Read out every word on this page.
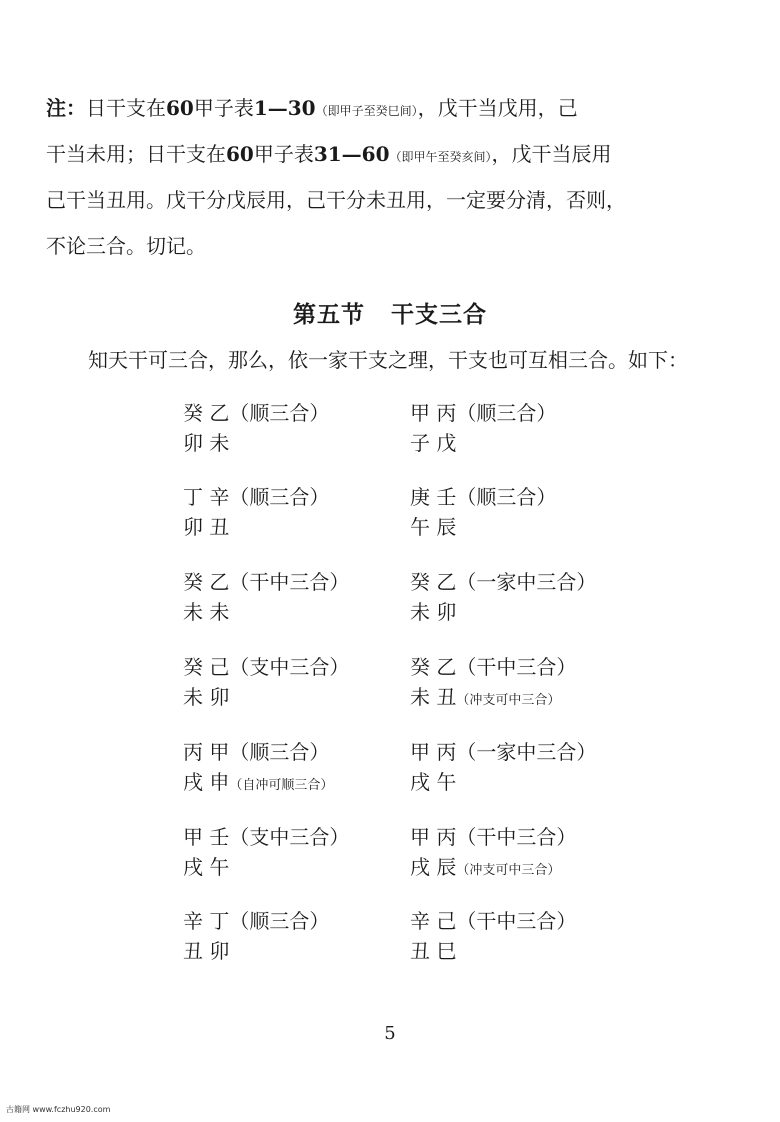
注：日干支在60甲子表1—30（即甲子至癸巳间），戊干当戊用，己
干当未用；日干支在60甲子表31—60（即甲午至癸亥间），戊干当辰用
己干当丑用。戊干分戊辰用，己干分未丑用，一定要分清，否则，
不论三合。切记。
第五节 干支三合
知天干可三合，那么，依一家干支之理，干支也可互相三合。如下：
癸 乙（顺三合）
卯 未
甲 丙（顺三合）
子 戊
丁 辛（顺三合）
卯 丑
庚 壬（顺三合）
午 辰
癸 乙（干中三合）
未 未
癸 乙（一家中三合）
未 卯
癸 己（支中三合）
未 卯
癸 乙（干中三合）
未 丑（冲支可中三合）
丙 甲（顺三合）
戌 申（自冲可顺三合）
甲 丙（一家中三合）
戌 午
甲 壬（支中三合）
戌 午
甲 丙（干中三合）
戌 辰（冲支可中三合）
辛 丁（顺三合）
丑 卯
辛 己（干中三合）
丑 巳
5
古籍网 www.fczhu920.com
